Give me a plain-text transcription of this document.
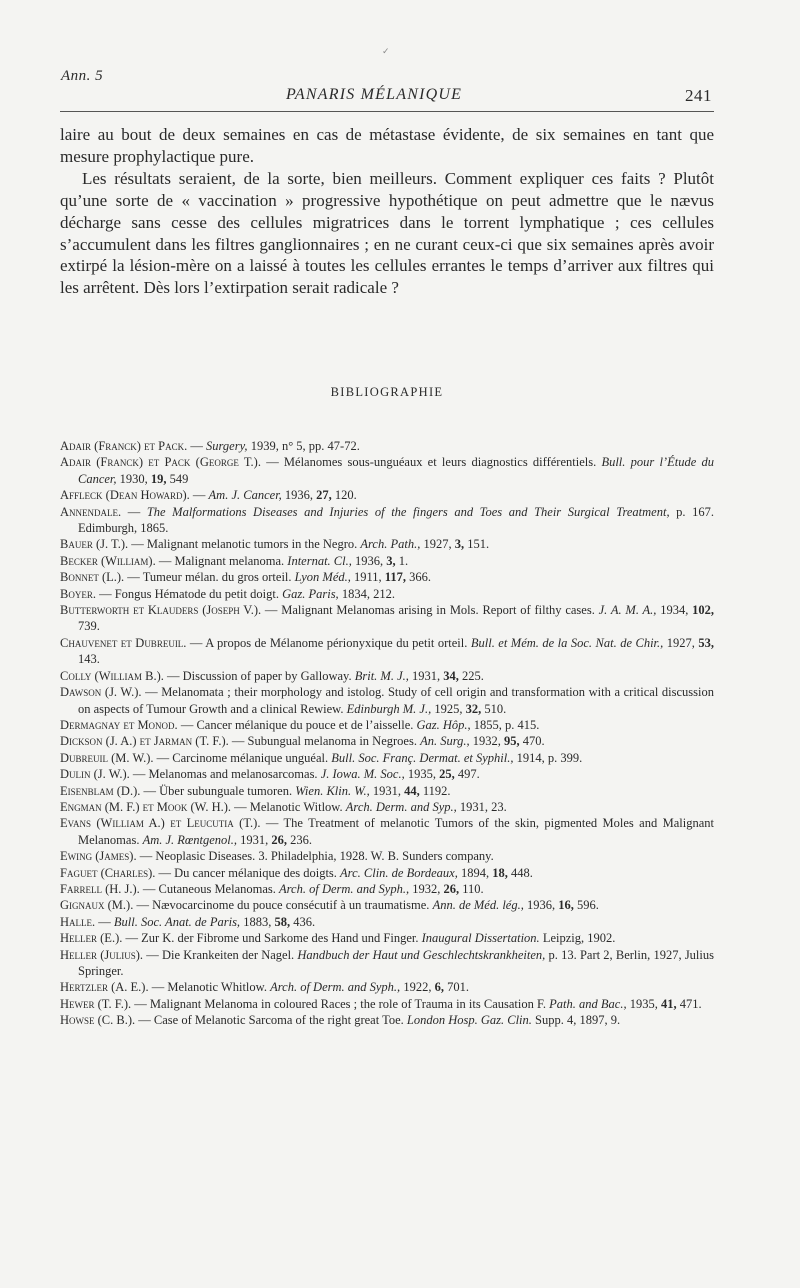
✓
Ann. 5
PANARIS MÉLANIQUE	241

laire au bout de deux semaines en cas de métastase évidente, de six semaines en tant que mesure prophylactique pure.

Les résultats seraient, de la sorte, bien meilleurs. Comment expliquer ces faits ? Plutôt qu’une sorte de « vaccination » progressive hypothétique on peut admettre que le nævus décharge sans cesse des cellules migratrices dans le torrent lymphatique ; ces cellules s’accumulent dans les filtres ganglionnaires ; en ne curant ceux-ci que six semaines après avoir extirpé la lésion-mère on a laissé à toutes les cellules errantes le temps d’arriver aux filtres qui les arrêtent. Dès lors l’extirpation serait radicale ?

BIBLIOGRAPHIE
Adair (Franck) et Pack. — Surgery, 1939, n° 5, pp. 47-72.
Adair (Franck) et Pack (George T.). — Mélanomes sous-unguéaux et leurs diagnostics différentiels. Bull. pour l’Étude du Cancer, 1930, 19, 549
Affleck (Dean Howard). — Am. J. Cancer, 1936, 27, 120.
Annendale. — The Malformations Diseases and Injuries of the fingers and Toes and Their Surgical Treatment, p. 167. Edimburgh, 1865.
Bauer (J. T.). — Malignant melanotic tumors in the Negro. Arch. Path., 1927, 3, 151.
Becker (William). — Malignant melanoma. Internat. Cl., 1936, 3, 1.
Bonnet (L.). — Tumeur mélan. du gros orteil. Lyon Méd., 1911, 117, 366.
Boyer. — Fongus Hématode du petit doigt. Gaz. Paris, 1834, 212.
Butterworth et Klauders (Joseph V.). — Malignant Melanomas arising in Mols. Report of filthy cases. J. A. M. A., 1934, 102, 739.
Chauvenet et Dubreuil. — A propos de Mélanome périonyxique du petit orteil. Bull. et Mém. de la Soc. Nat. de Chir., 1927, 53, 143.
Colly (William B.). — Discussion of paper by Galloway. Brit. M. J., 1931, 34, 225.
Dawson (J. W.). — Melanomata ; their morphology and istolog. Study of cell origin and transformation with a critical discussion on aspects of Tumour Growth and a clinical Rewiew. Edinburgh M. J., 1925, 32, 510.
Dermagnay et Monod. — Cancer mélanique du pouce et de l’aisselle. Gaz. Hôp., 1855, p. 415.
Dickson (J. A.) et Jarman (T. F.). — Subungual melanoma in Negroes. An. Surg., 1932, 95, 470.
Dubreuil (M. W.). — Carcinome mélanique unguéal. Bull. Soc. Franç. Dermat. et Syphil., 1914, p. 399.
Dulin (J. W.). — Melanomas and melanosarcomas. J. Iowa. M. Soc., 1935, 25, 497.
Eisenblam (D.). — Über subunguale tumoren. Wien. Klin. W., 1931, 44, 1192.
Engman (M. F.) et Mook (W. H.). — Melanotic Witlow. Arch. Derm. and Syp., 1931, 23.
Evans (William A.) et Leucutia (T.). — The Treatment of melanotic Tumors of the skin, pigmented Moles and Malignant Melanomas. Am. J. Rœntgenol., 1931, 26, 236.
Ewing (James). — Neoplasic Diseases. 3. Philadelphia, 1928. W. B. Sunders company.
Faguet (Charles). — Du cancer mélanique des doigts. Arc. Clin. de Bordeaux, 1894, 18, 448.
Farrell (H. J.). — Cutaneous Melanomas. Arch. of Derm. and Syph., 1932, 26, 110.
Gignaux (M.). — Nævocarcinome du pouce consécutif à un traumatisme. Ann. de Méd. lég., 1936, 16, 596.
Halle. — Bull. Soc. Anat. de Paris, 1883, 58, 436.
Heller (E.). — Zur K. der Fibrome und Sarkome des Hand und Finger. Inaugural Dissertation. Leipzig, 1902.
Heller (Julius). — Die Krankeiten der Nagel. Handbuch der Haut und Geschlechtskrankheiten, p. 13. Part 2, Berlin, 1927, Julius Springer.
Hertzler (A. E.). — Melanotic Whitlow. Arch. of Derm. and Syph., 1922, 6, 701.
Hewer (T. F.). — Malignant Melanoma in coloured Races ; the role of Trauma in its Causation F. Path. and Bac., 1935, 41, 471.
Howse (C. B.). — Case of Melanotic Sarcoma of the right great Toe. London Hosp. Gaz. Clin. Supp. 4, 1897, 9.
